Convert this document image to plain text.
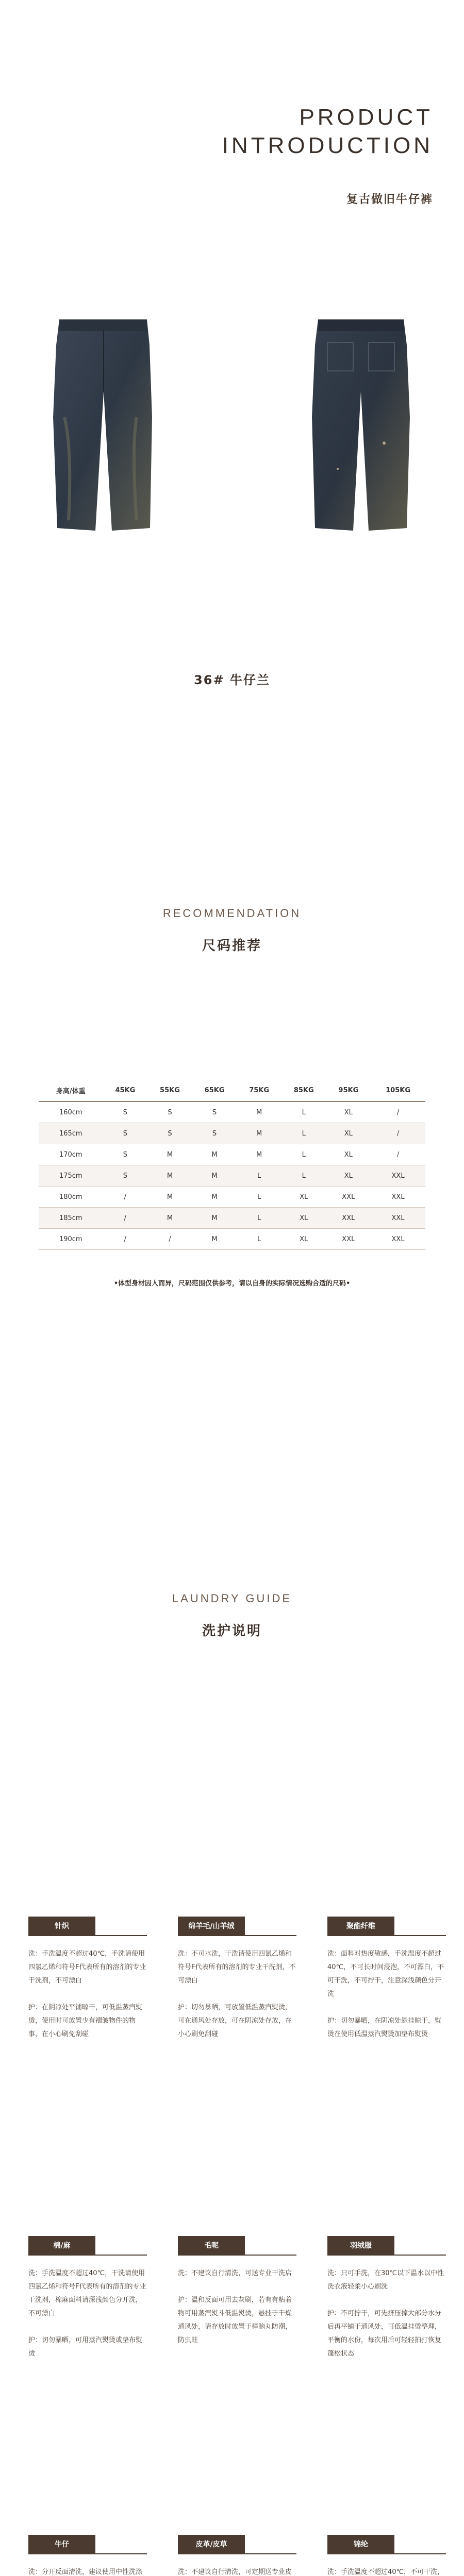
PRODUCT
INTRODUCTION
复古做旧牛仔裤
36# 牛仔兰
RECOMMENDATION
尺码推荐
身高/体重	45KG	55KG	65KG	75KG	85KG	95KG	105KG
160cm	S	S	S	M	L	XL	/
165cm	S	S	S	M	L	XL	/
170cm	S	M	M	M	L	XL	/
175cm	S	M	M	L	L	XL	XXL
180cm	/	M	M	L	XL	XXL	XXL
185cm	/	M	M	L	XL	XXL	XXL
190cm	/	/	M	L	XL	XXL	XXL
•体型身材因人而异，尺码范围仅供参考，请以自身的实际情况选购合适的尺码•
LAUNDRY GUIDE
洗护说明
针织

洗：手洗温度不超过40℃，手洗请使用四氯乙烯和符号F代表所有的溶剂的专业干洗剂，不可漂白

护：在阴凉处平铺晾干，可低温蒸汽熨烫，使用时可放置少有褶皱物件的物事，在小心刷免刮碰

绵羊毛/山羊绒

洗：不可水洗，干洗请使用四氯乙烯和符号F代表所有的溶剂的专业干洗剂，不可漂白

护：切勿暴晒，可放置低温蒸汽熨烫，可在通风处存放，可在阴凉处存放，在小心刷免刮碰

聚酯纤维

洗：面料对热度敏感，手洗温度不超过40℃，不可长时间浸泡，不可漂白，不可干洗，不可拧干，注意深浅颜色分开洗

护：切勿暴晒，在阴凉处悬挂晾干，熨烫在使用低温蒸汽熨烫加垫布熨烫

棉/麻

洗：手洗温度不超过40℃，干洗请使用四氯乙烯和符号F代表所有的溶剂的专业干洗剂，棉麻面料请深浅颜色分开洗，不可漂白

护：切勿暴晒，可用蒸汽熨烫或垫布熨烫

毛呢

洗：不建议自行清洗，可送专业干洗店

护：温和反面可用去灰刷，若有有粘着物可用蒸汽熨斗低温熨烫，悬挂于干燥通风处，请存放时放置于樟脑丸防潮，防虫蛀

羽绒服

洗：只可手洗，在30℃以下温水以中性洗衣液轻柔小心刷洗

护：不可拧干，可先挤压掉大部分水分后再平铺于通风处，可低温挂烫整理，平衡的水份，每次用后可轻轻拍打恢复蓬松状态

牛仔

洗：分开反面清洗，建议使用中性洗涤

皮革/皮草

洗：不建议自行清洗，可定期送专业皮

锦纶

洗：手洗温度不超过40℃，不可干洗，
